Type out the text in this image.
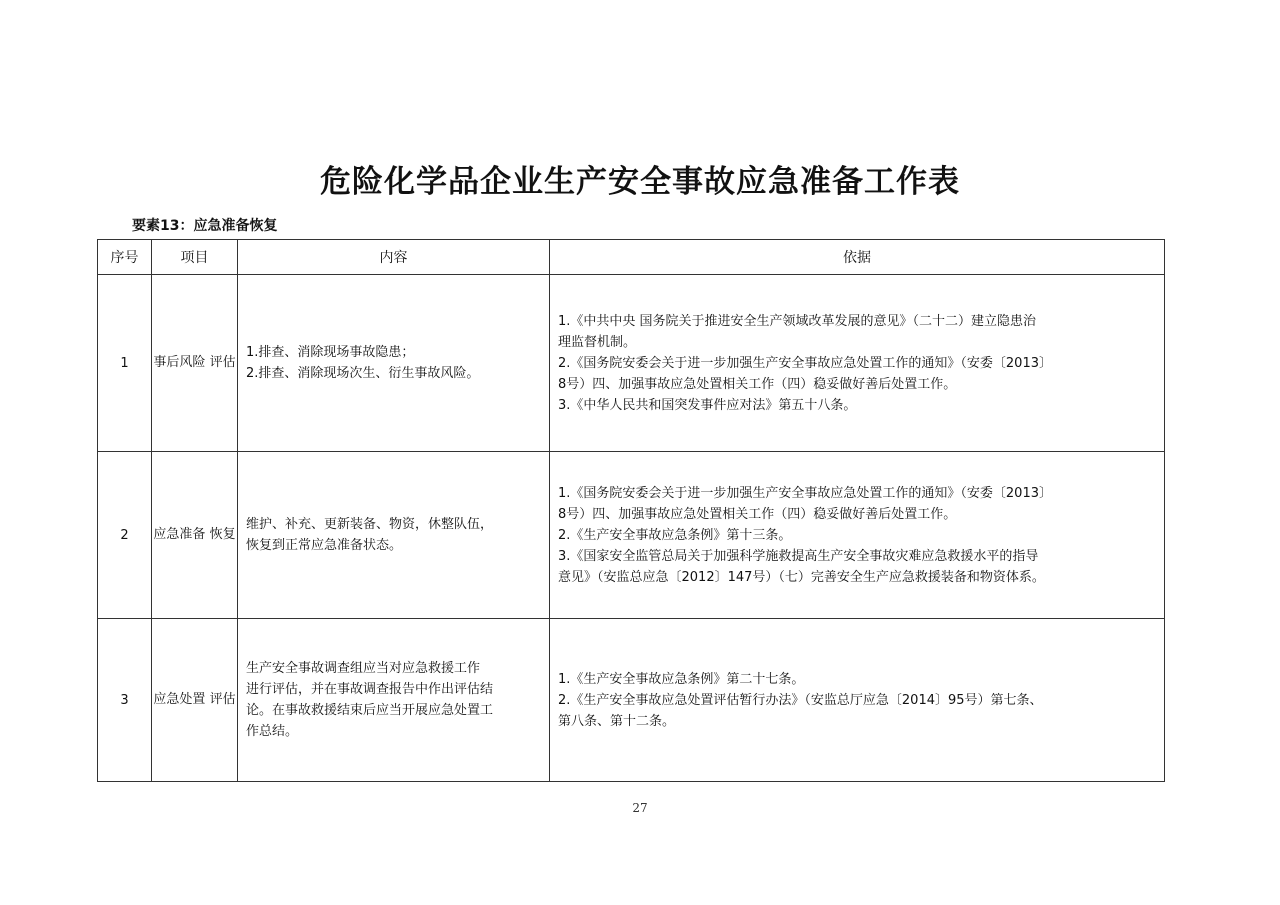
危险化学品企业生产安全事故应急准备工作表
要素13：应急准备恢复
序号	项目	内容	依据
1	事后风险 评估	1.排查、消除现场事故隐患；
2.排查、消除现场次生、衍生事故风险。	1.《中共中央 国务院关于推进安全生产领域改革发展的意见》（二十二）建立隐患治
理监督机制。
2.《国务院安委会关于进一步加强生产安全事故应急处置工作的通知》（安委〔2013〕
8号）四、加强事故应急处置相关工作（四）稳妥做好善后处置工作。
3.《中华人民共和国突发事件应对法》第五十八条。

2	应急准备 恢复	维护、补充、更新装备、物资，休整队伍，
恢复到正常应急准备状态。	1.《国务院安委会关于进一步加强生产安全事故应急处置工作的通知》（安委〔2013〕
8号）四、加强事故应急处置相关工作（四）稳妥做好善后处置工作。
2.《生产安全事故应急条例》第十三条。
3.《国家安全监管总局关于加强科学施救提高生产安全事故灾难应急救援水平的指导
意见》（安监总应急〔2012〕147号）（七）完善安全生产应急救援装备和物资体系。

3	应急处置 评估	生产安全事故调查组应当对应急救援工作
进行评估，并在事故调查报告中作出评估结
论。在事故救援结束后应当开展应急处置工
作总结。	1.《生产安全事故应急条例》第二十七条。
2.《生产安全事故应急处置评估暂行办法》（安监总厅应急〔2014〕95号）第七条、
第八条、第十二条。
27
